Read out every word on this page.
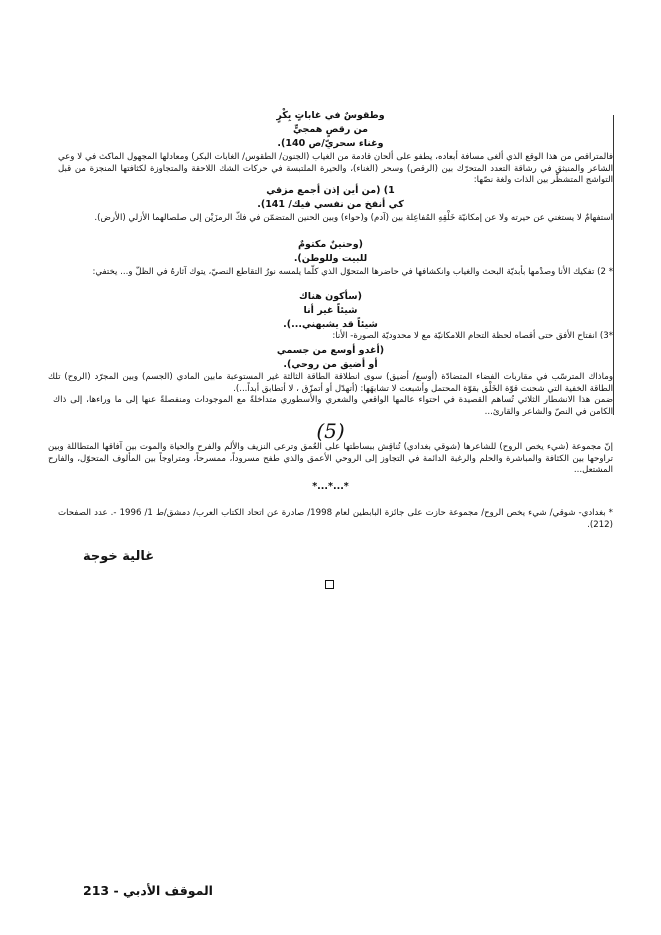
وطقوسٌ في غاباتٍ بِكْرٍ
من رقصٍ همجيٍّ
وغناء سحريّ/ص 140).
فالمتراقص من هذا الوقع الذي ألغى مسافة أبعاده، يطفو على ألحان قادمة من الغياب (الجنون/ الطقوس/ الغابات البكر) ومعادلها المجهول الماكث في لا وعي الشاعر والمنبثق في رشاقة التعدد المتحرّك بين (الرقص) وسحر (الغناء)، والحيرة الملتبسة في حركات الشك اللاحقة والمتجاوزة لكثافتها المنجزة من قبل التواشج المتشظّر بين الذات ولغة نصّها:
1) (من أين إذن أجمع مزقي
كي أنفخ من نفسي فيك/ 141).
استفهامٌ لا يستغني عن حيرته ولا عن إمكانيّة خَلْقِهِ المُفاعِلة بين (آدم) و(حواء) وبين الحنين المتضمّن في فكّ الرمزَيْن إلى صلصالهما الأزلي (الأرض).
(وحنينٌ مكتومٌ
للبيت وللوطن).
* 2) تفكيك الأنا وصدْمها بأبديّة البحث والغياب وانكشافها في حاضرها المتحوّل الذي كلّما يلمسه نورُ التقاطع النصيّ، يتوك آثارهُ في الظلّ و... يختفي:
(سأكون هناك
شيئاً غير أنا
شيئاً قد يشبهني...).
*3) انفتاح الأفق حتى أقصاه لحظة التحام اللامكانيّة مع لا محدوديّة الصورة- الأنا:
(أغدو أوسع من جسمي
أو أضيق من روحي).
وماذاك المترسّب في مقاربات الفضاء المتضادّة (أوسع/ أضيق) سوى انطلاقة الطاقة الثالثة غير المستوعبة مابين المادي (الجسم) وبين المجرّد (الروح) تلك الطاقة الخفية التي شحنت قوّة الخَلْق بقوّة المحتمل وأشبعت لا تشابهَها: (أتهدّل أو أتمزّق ، لا أتطابق أبداً...).
ضمن هذا الانشطار الثلاثي تُساهم القصيدة في احتواء عالمها الواقعي والشعري والأسطوري متداخلةً مع الموجودات ومنفصلةً عنها إلى ما وراءها، إلى ذاك الكامن في النصّ والشاعر والقارئ...
(5)
إنّ مجموعة (شيء يخص الروح) للشاعرها (شوقي بغدادي) تُناقِش ببساطتها على العُمق وترعى النزيف والألم والفرح والحياة والموت بين آفاقها المتطاللة وبين تراوحها بين الكثافة والمباشرة والحلم والرغبة الدائمة في التجاوز إلى الروحي الأعمق والذي طفح مسروداً، ممسرحاً، ومتراوجاً بين المألوف المتحوّل، والفارح المشتعل...
*...*...*
* بغدادي- شوقي/ شيء يخص الروح/ مجموعة حازت على جائزة البابطين لعام 1998/ صادرة عن اتحاد الكتاب العرب/ دمشق/ط 1/ 1996 -. عدد الصفحات (212).
غالية خوجة
الموقف الأدبي - 213
